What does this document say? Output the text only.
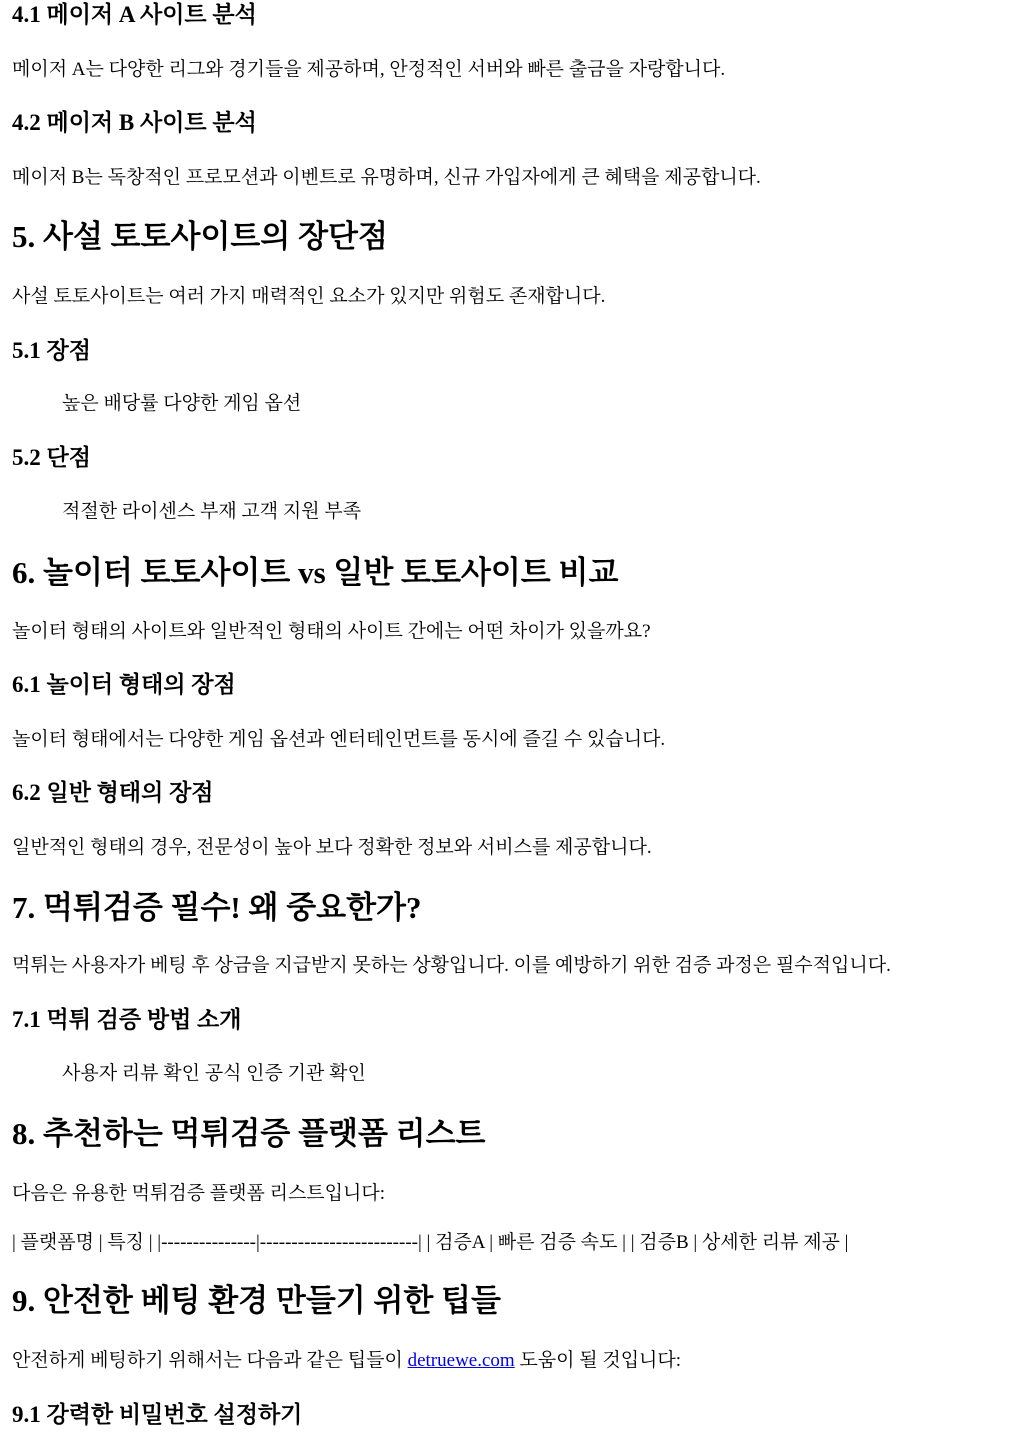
4.1 메이저 A 사이트 분석

메이저 A는 다양한 리그와 경기들을 제공하며, 안정적인 서버와 빠른 출금을 자랑합니다.

4.2 메이저 B 사이트 분석

메이저 B는 독창적인 프로모션과 이벤트로 유명하며, 신규 가입자에게 큰 혜택을 제공합니다.

5. 사설 토토사이트의 장단점

사설 토토사이트는 여러 가지 매력적인 요소가 있지만 위험도 존재합니다.

5.1 장점

높은 배당률 다양한 게임 옵션

5.2 단점

적절한 라이센스 부재 고객 지원 부족

6. 놀이터 토토사이트 vs 일반 토토사이트 비교

놀이터 형태의 사이트와 일반적인 형태의 사이트 간에는 어떤 차이가 있을까요?

6.1 놀이터 형태의 장점

놀이터 형태에서는 다양한 게임 옵션과 엔터테인먼트를 동시에 즐길 수 있습니다.

6.2 일반 형태의 장점

일반적인 형태의 경우, 전문성이 높아 보다 정확한 정보와 서비스를 제공합니다.

7. 먹튀검증 필수! 왜 중요한가?

먹튀는 사용자가 베팅 후 상금을 지급받지 못하는 상황입니다. 이를 예방하기 위한 검증 과정은 필수적입니다.

7.1 먹튀 검증 방법 소개

사용자 리뷰 확인 공식 인증 기관 확인

8. 추천하는 먹튀검증 플랫폼 리스트

다음은 유용한 먹튀검증 플랫폼 리스트입니다:

| 플랫폼명 | 특징 | |---------------|-------------------------| | 검증A | 빠른 검증 속도 | | 검증B | 상세한 리뷰 제공 |

9. 안전한 베팅 환경 만들기 위한 팁들

안전하게 베팅하기 위해서는 다음과 같은 팁들이 detruewe.com 도움이 될 것입니다:

9.1 강력한 비밀번호 설정하기
